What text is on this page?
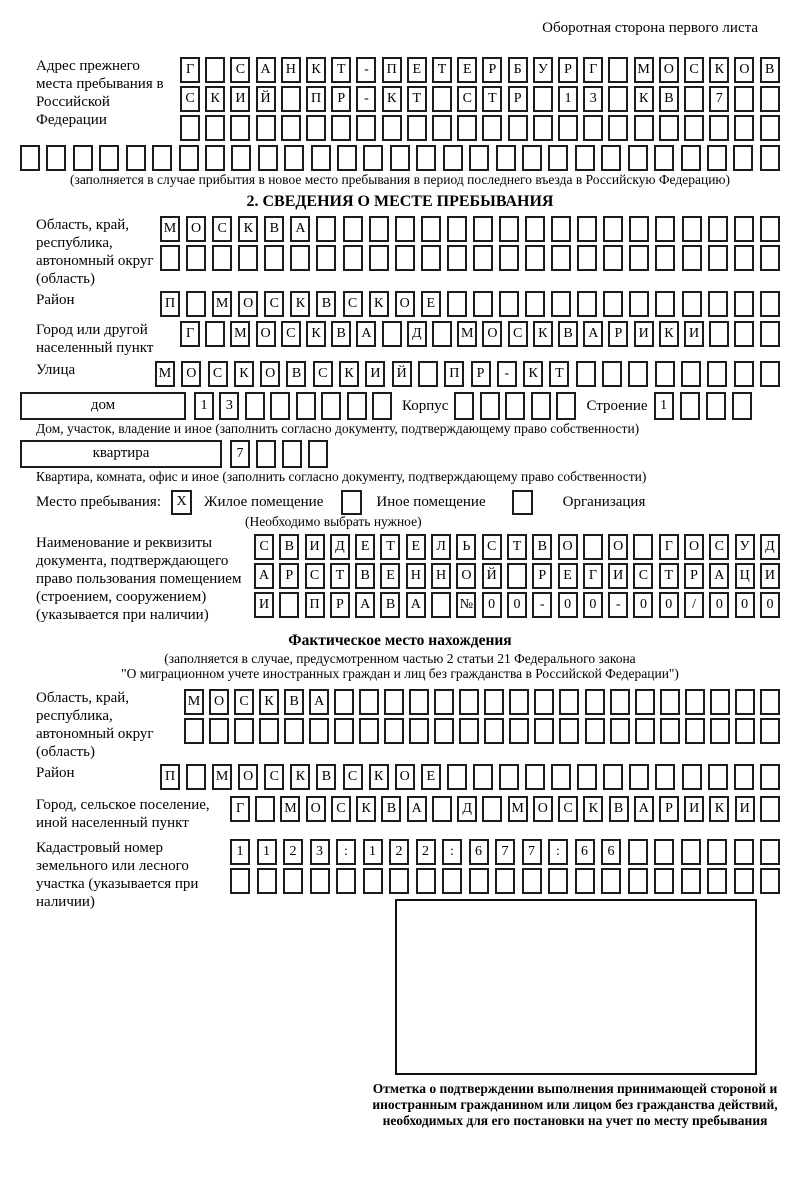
Оборотная сторона первого листа
Адрес прежнего места пребывания в Российской Федерации
Г	С	А	Н	К	Т	-	П	Е	Т	Е	Р	Б	У	Р	Г	М О	С	К	О	В
С	К	И	Й	П	Р	-	К	Т	С	Т	Р	1	3	К	В	7
(заполняется в случае прибытия в новое место пребывания в период последнего въезда в Российскую Федерацию)
2. СВЕДЕНИЯ О МЕСТЕ ПРЕБЫВАНИЯ
Область, край, республика, автономный округ (область)
М	О	С	К	В	А
Район	П	М	О	С	К	В	С	К	О	Е
Город или другой населенный пункт
Г	М О	С	К	В	А	Д	М О	С	К	В	А	Р	И	К	И
Улица	М	О	С	К	О	В	С	К	И	Й	П	Р	-	К	Т
дом	1	3	Корпус	Строение 1
Дом, участок, владение и иное (заполнить согласно документу, подтверждающему право собственности)
квартира	7
Квартира, комната, офис и иное (заполнить согласно документу, подтверждающему право собственности)
Место пребывания:	X	Жилое помещение	Иное помещение	Организация
(Необходимо выбрать нужное)
Наименование и реквизиты документа, подтверждающего право пользования помещением (строением, сооружением) (указывается при наличии)
С	В	И	Д	Е	Т	Е	Л	Ь	С	Т	В	О	О	Г	О	С	У	Д
А	Р	С	Т	В	Е	Н	Н	О	Й	Р	Е	Г	И	С	Т	Р	А	Ц	И
И	П	Р	А	В	А	№	0	0	-	0	0	-	0	0	/	0	0	0
Фактическое место нахождения
(заполняется в случае, предусмотренном частью 2 статьи 21 Федерального закона
"О миграционном учете иностранных граждан и лиц без гражданства в Российской Федерации")
Область, край, республика, автономный округ (область)
М О	С	К	В	А
Район	П	М	О	С	К	В	С	К	О	Е
Город, сельское поселение, иной населенный пункт
Г	М О	С	К	В	А	Д	М О	С	К	В	А	Р	И	К	И
Кадастровый номер земельного или лесного участка (указывается при наличии)
1	1	2	3	:	1	2	2	:	6	7	7	:	6	6
Отметка о подтверждении выполнения принимающей стороной и иностранным гражданином или лицом без гражданства действий, необходимых для его постановки на учет по месту пребывания
